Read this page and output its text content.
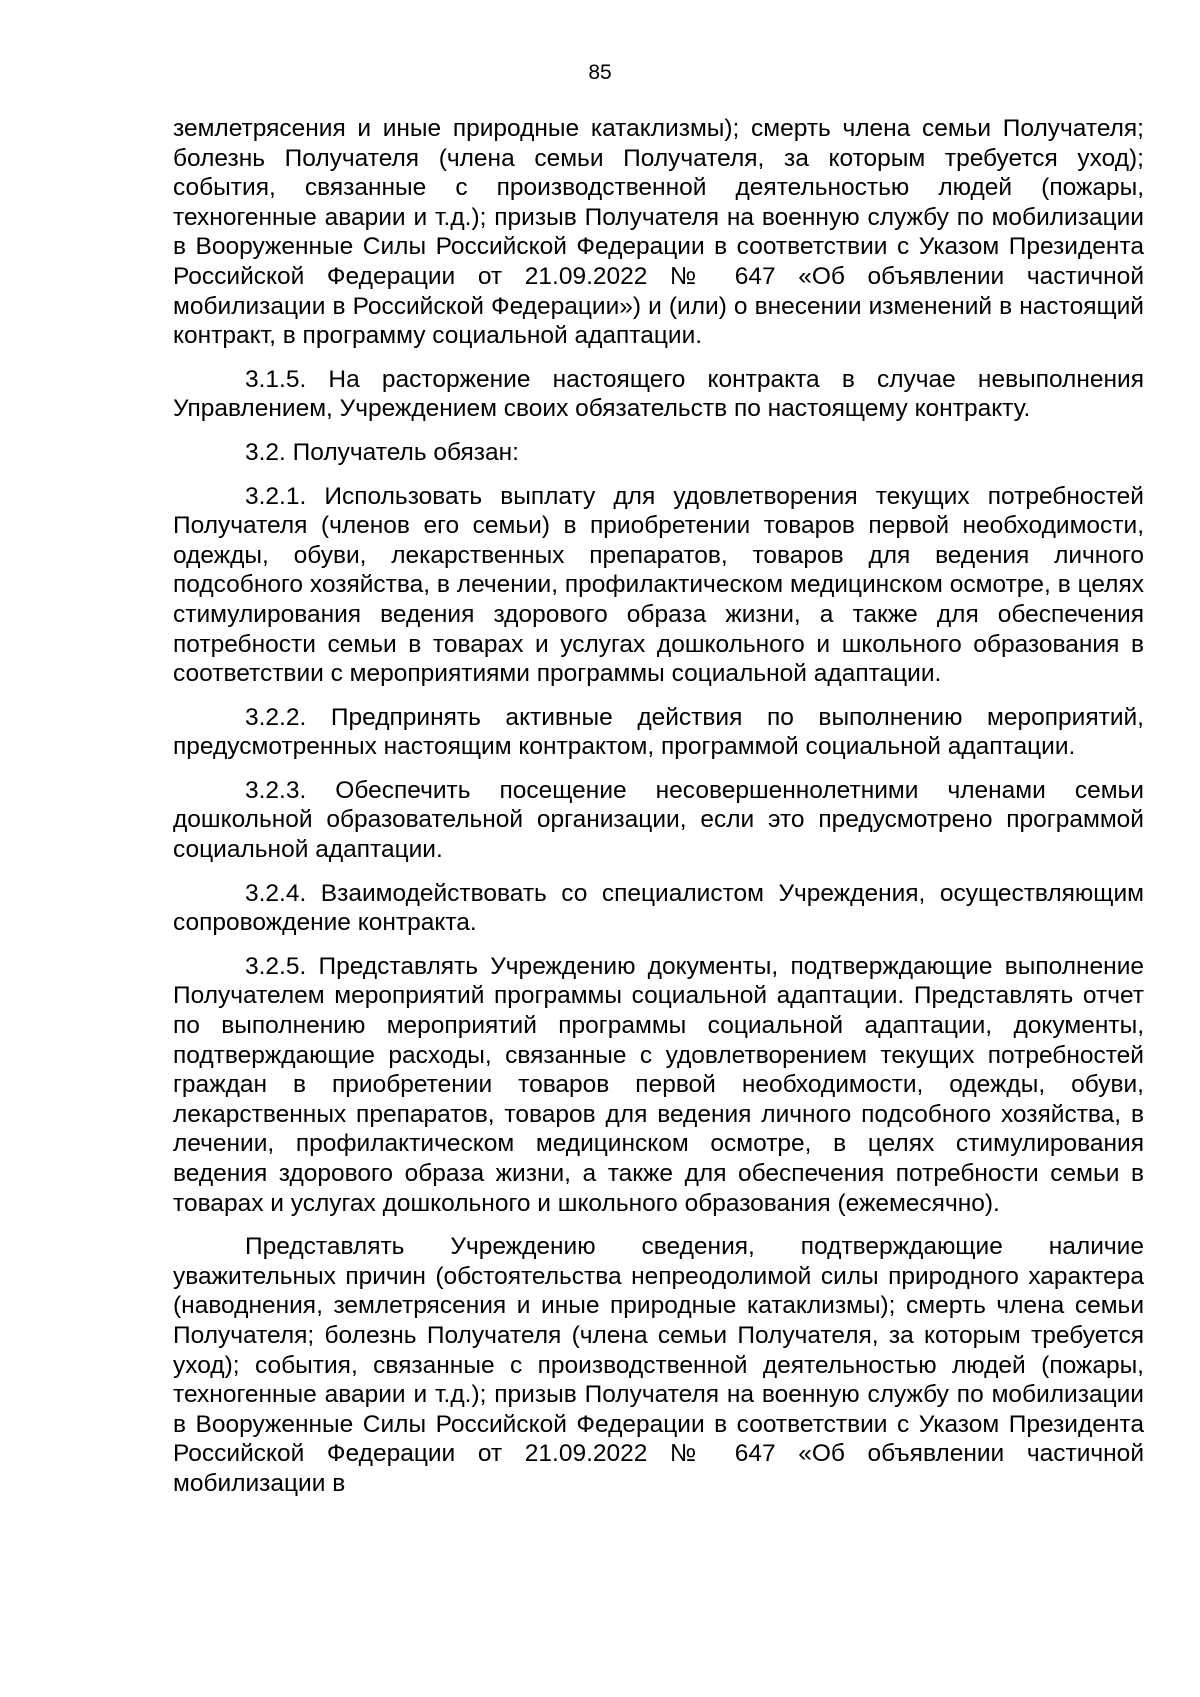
85

землетрясения и иные природные катаклизмы); смерть члена семьи Получателя; болезнь Получателя (члена семьи Получателя, за которым требуется уход); события, связанные с производственной деятельностью людей (пожары, техногенные аварии и т.д.); призыв Получателя на военную службу по мобилизации в Вооруженные Силы Российской Федерации в соответствии с Указом Президента Российской Федерации от 21.09.2022 № 647 «Об объявлении частичной мобилизации в Российской Федерации») и (или) о внесении изменений в настоящий контракт, в программу социальной адаптации.

3.1.5. На расторжение настоящего контракта в случае невыполнения Управлением, Учреждением своих обязательств по настоящему контракту.

3.2. Получатель обязан:

3.2.1. Использовать выплату для удовлетворения текущих потребностей Получателя (членов его семьи) в приобретении товаров первой необходимости, одежды, обуви, лекарственных препаратов, товаров для ведения личного подсобного хозяйства, в лечении, профилактическом медицинском осмотре, в целях стимулирования ведения здорового образа жизни, а также для обеспечения потребности семьи в товарах и услугах дошкольного и школьного образования в соответствии с мероприятиями программы социальной адаптации.

3.2.2. Предпринять активные действия по выполнению мероприятий, предусмотренных настоящим контрактом, программой социальной адаптации.

3.2.3. Обеспечить посещение несовершеннолетними членами семьи дошкольной образовательной организации, если это предусмотрено программой социальной адаптации.

3.2.4. Взаимодействовать со специалистом Учреждения, осуществляющим сопровождение контракта.

3.2.5. Представлять Учреждению документы, подтверждающие выполнение Получателем мероприятий программы социальной адаптации. Представлять отчет по выполнению мероприятий программы социальной адаптации, документы, подтверждающие расходы, связанные с удовлетворением текущих потребностей граждан в приобретении товаров первой необходимости, одежды, обуви, лекарственных препаратов, товаров для ведения личного подсобного хозяйства, в лечении, профилактическом медицинском осмотре, в целях стимулирования ведения здорового образа жизни, а также для обеспечения потребности семьи в товарах и услугах дошкольного и школьного образования (ежемесячно).

Представлять Учреждению сведения, подтверждающие наличие уважительных причин (обстоятельства непреодолимой силы природного характера (наводнения, землетрясения и иные природные катаклизмы); смерть члена семьи Получателя; болезнь Получателя (члена семьи Получателя, за которым требуется уход); события, связанные с производственной деятельностью людей (пожары, техногенные аварии и т.д.); призыв Получателя на военную службу по мобилизации в Вооруженные Силы Российской Федерации в соответствии с Указом Президента Российской Федерации от 21.09.2022 № 647 «Об объявлении частичной мобилизации в
